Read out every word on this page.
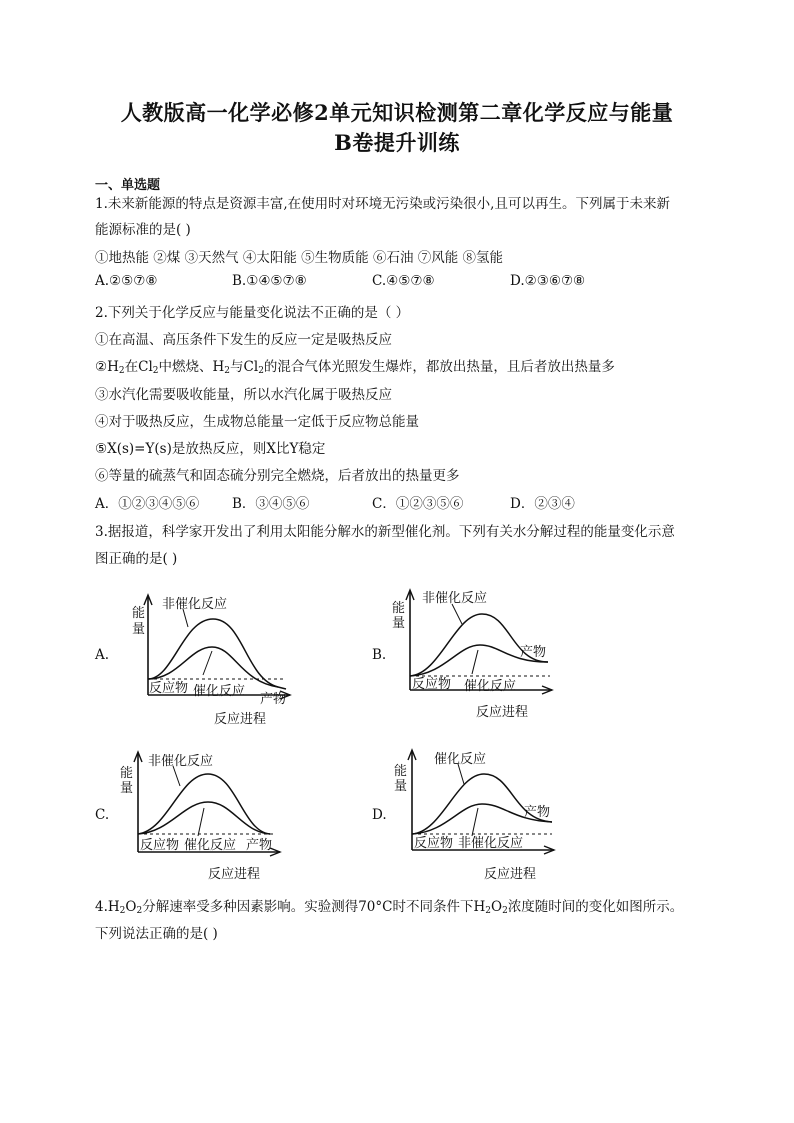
人教版高一化学必修2单元知识检测第二章化学反应与能量
B卷提升训练
一、单选题
1.未来新能源的特点是资源丰富,在使用时对环境无污染或污染很小,且可以再生。下列属于未来新
能源标准的是( )
①地热能 ②煤 ③天然气 ④太阳能 ⑤生物质能 ⑥石油 ⑦风能 ⑧氢能
A.②⑤⑦⑧	B.①④⑤⑦⑧	C.④⑤⑦⑧	D.②③⑥⑦⑧
2.下列关于化学反应与能量变化说法不正确的是（ ）
①在高温、高压条件下发生的反应一定是吸热反应
$②H_2$在$Cl_2$中燃烧、$H_2$与$Cl_2$的混合气体光照发生爆炸，都放出热量，且后者放出热量多
③水汽化需要吸收能量，所以水汽化属于吸热反应
④对于吸热反应，生成物总能量一定低于反应物总能量
⑤X(s)=Y(s)是放热反应，则X比Y稳定
⑥等量的硫蒸气和固态硫分别完全燃烧，后者放出的热量更多
A．①②③④⑤⑥ B．③④⑤⑥	C．①②③⑤⑥	D．②③④
3.据报道，科学家开发出了利用太阳能分解水的新型催化剂。下列有关水分解过程的能量变化示意
图正确的是( )
A.
能
量
非催化反应
反应物 催化反应
产物
反应进程
B.
能
量
非催化反应
反应物 催化反应
产物
反应进程
C.
能
量
非催化反应
反应物 催化反应 产物
反应进程
D.
能
量
催化反应
反应物 非催化反应
产物
反应进程
$4.H_2O_2$分解速率受多种因素影响。实验测得70°C时不同条件下$H_2O_2$浓度随时间的变化如图所示。
下列说法正确的是( )
